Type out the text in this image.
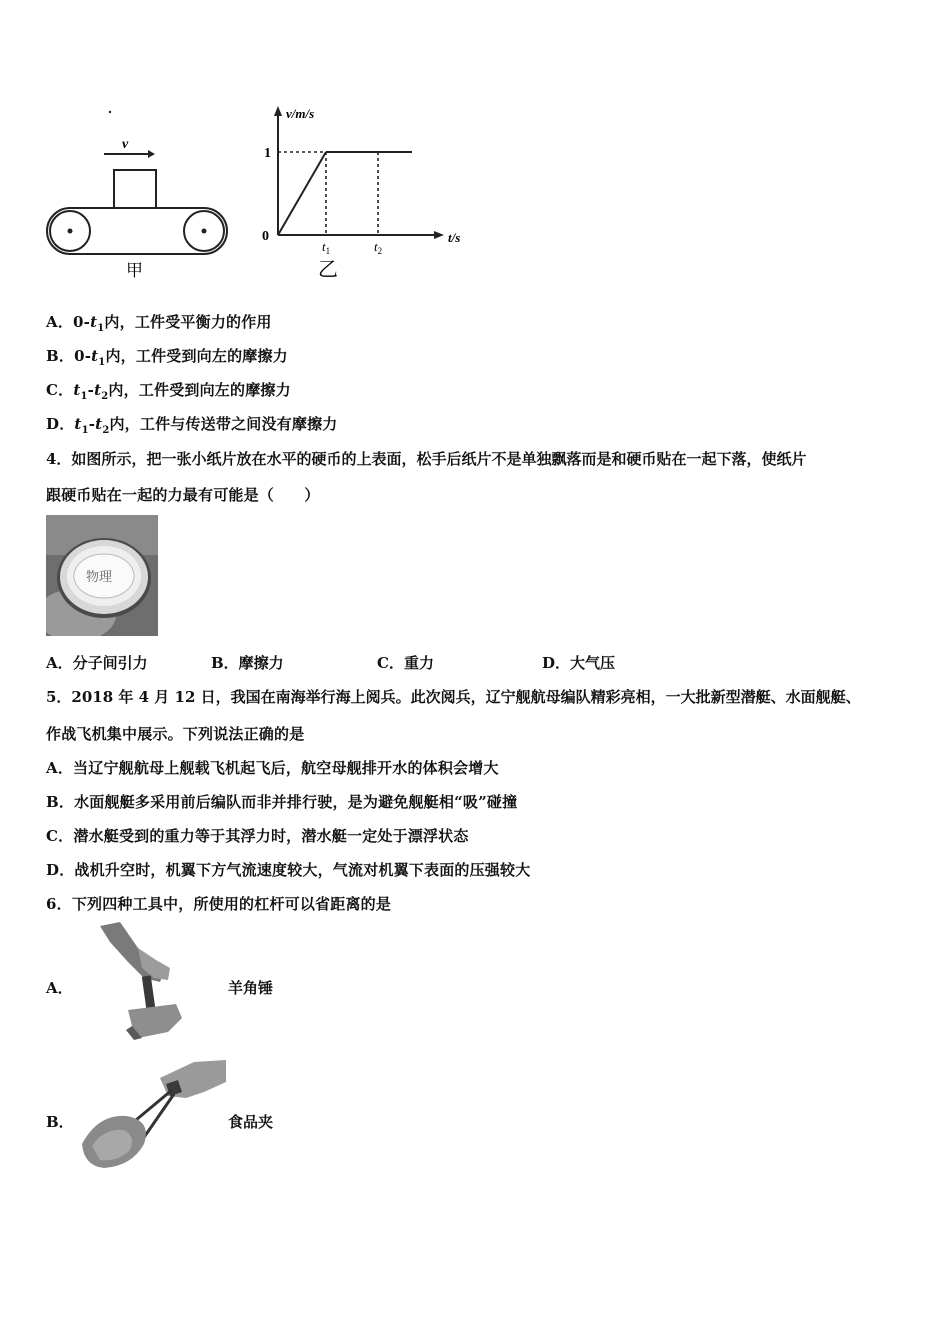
v
甲
v/m/s
t/s
0
1
$t_1$	$t_2$
乙
A．$0-t_1$内，工件受平衡力的作用
B．$0-t_1$内，工件受到向左的摩擦力
C．$t_1-t_2$内，工件受到向左的摩擦力
D．$t_1-t_2$内，工件与传送带之间没有摩擦力
4．如图所示，把一张小纸片放在水平的硬币的上表面，松手后纸片不是单独飘落而是和硬币贴在一起下落，使纸片
跟硬币贴在一起的力最有可能是（　　）
物理
A．分子间引力	B．摩擦力	C．重力	D．大气压
5．2018 年 4 月 12 日，我国在南海举行海上阅兵。此次阅兵，辽宁舰航母编队精彩亮相，一大批新型潜艇、水面舰艇、
作战飞机集中展示。下列说法正确的是
A．当辽宁舰航母上舰载飞机起飞后，航空母舰排开水的体积会增大
B．水面舰艇多采用前后编队而非并排行驶，是为避免舰艇相“吸”碰撞
C．潜水艇受到的重力等于其浮力时，潜水艇一定处于漂浮状态
D．战机升空时，机翼下方气流速度较大，气流对机翼下表面的压强较大
6．下列四种工具中，所使用的杠杆可以省距离的是
A．	羊角锤
B．	食品夹
